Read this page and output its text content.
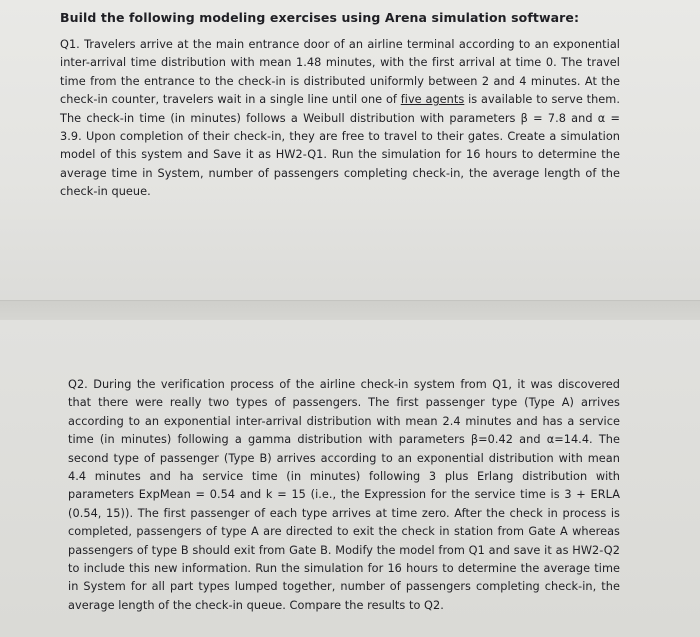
Build the following modeling exercises using Arena simulation software:
Q1. Travelers arrive at the main entrance door of an airline terminal according to an exponential inter-arrival time distribution with mean 1.48 minutes, with the first arrival at time 0. The travel time from the entrance to the check-in is distributed uniformly between 2 and 4 minutes. At the check-in counter, travelers wait in a single line until one of five agents is available to serve them. The check-in time (in minutes) follows a Weibull distribution with parameters β = 7.8 and α = 3.9. Upon completion of their check-in, they are free to travel to their gates. Create a simulation model of this system and Save it as HW2-Q1. Run the simulation for 16 hours to determine the average time in System, number of passengers completing check-in, the average length of the check-in queue.
Q2. During the verification process of the airline check-in system from Q1, it was discovered that there were really two types of passengers. The first passenger type (Type A) arrives according to an exponential inter-arrival distribution with mean 2.4 minutes and has a service time (in minutes) following a gamma distribution with parameters β=0.42 and α=14.4. The second type of passenger (Type B) arrives according to an exponential distribution with mean 4.4 minutes and ha service time (in minutes) following 3 plus Erlang distribution with parameters ExpMean = 0.54 and k = 15 (i.e., the Expression for the service time is 3 + ERLA (0.54, 15)). The first passenger of each type arrives at time zero. After the check in process is completed, passengers of type A are directed to exit the check in station from Gate A whereas passengers of type B should exit from Gate B. Modify the model from Q1 and save it as HW2-Q2 to include this new information. Run the simulation for 16 hours to determine the average time in System for all part types lumped together, number of passengers completing check-in, the average length of the check-in queue. Compare the results to Q2.
